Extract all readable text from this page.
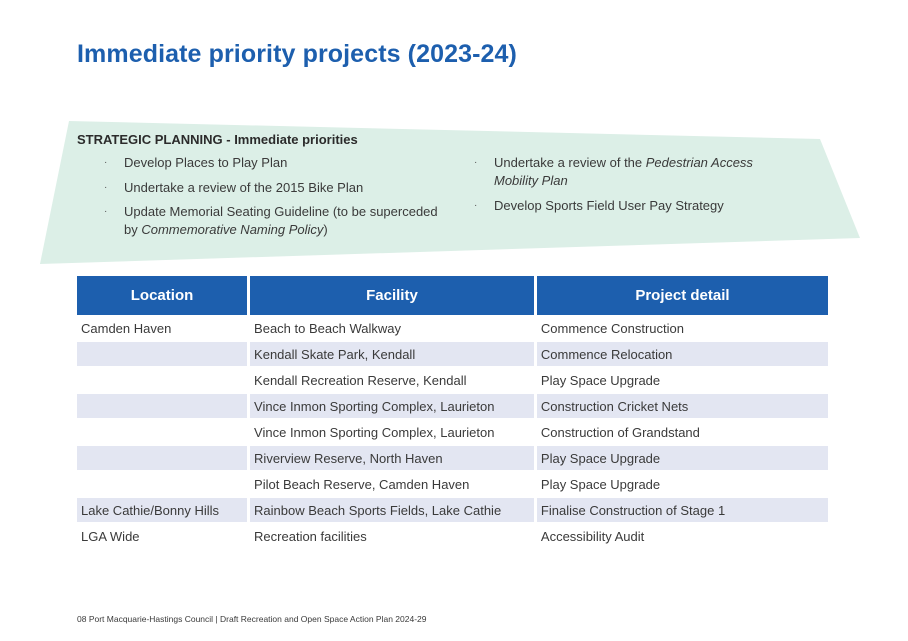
Immediate priority projects (2023-24)

STRATEGIC PLANNING - Immediate priorities

· Develop Places to Play Plan
· Undertake a review of the 2015 Bike Plan
· Update Memorial Seating Guideline (to be superceded by Commemorative Naming Policy)
· Undertake a review of the Pedestrian Access Mobility Plan
· Develop Sports Field User Pay Strategy
Location	Facility	Project detail
Camden Haven	Beach to Beach Walkway	Commence Construction
	Kendall Skate Park, Kendall	Commence Relocation
	Kendall Recreation Reserve, Kendall	Play Space Upgrade
	Vince Inmon Sporting Complex, Laurieton	Construction Cricket Nets
	Vince Inmon Sporting Complex, Laurieton	Construction of Grandstand
	Riverview Reserve, North Haven	Play Space Upgrade
	Pilot Beach Reserve, Camden Haven	Play Space Upgrade
Lake Cathie/Bonny Hills	Rainbow Beach Sports Fields, Lake Cathie	Finalise Construction of Stage 1
LGA Wide	Recreation facilities	Accessibility Audit
08 Port Macquarie-Hastings Council | Draft Recreation and Open Space Action Plan 2024-29
